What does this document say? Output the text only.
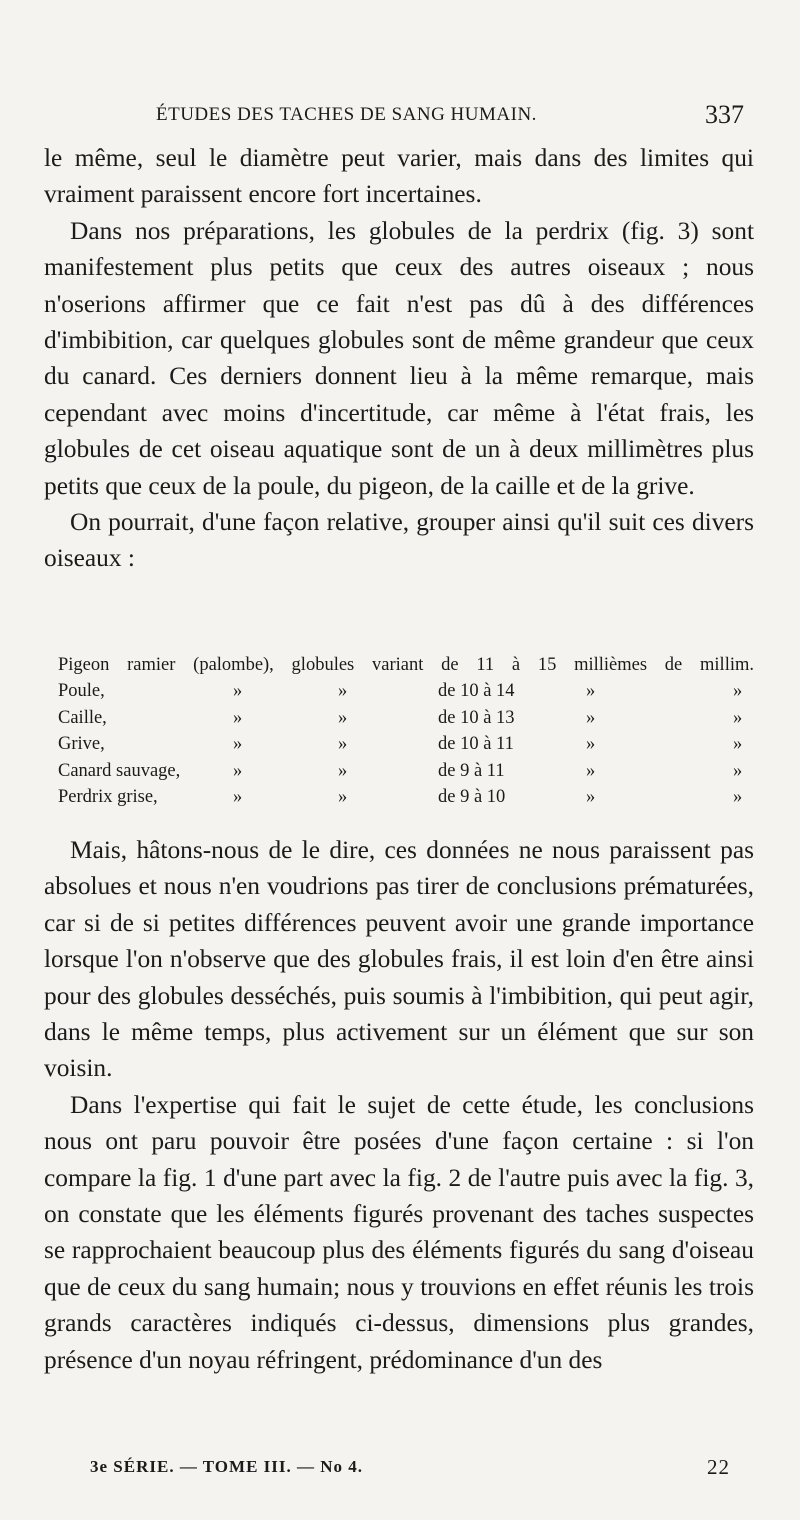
ÉTUDES DES TACHES DE SANG HUMAIN.	337

le même, seul le diamètre peut varier, mais dans des limites qui vraiment paraissent encore fort incertaines.

Dans nos préparations, les globules de la perdrix (fig. 3) sont manifestement plus petits que ceux des autres oiseaux ; nous n'oserions affirmer que ce fait n'est pas dû à des différences d'imbibition, car quelques globules sont de même grandeur que ceux du canard. Ces derniers donnent lieu à la même remarque, mais cependant avec moins d'incertitude, car même à l'état frais, les globules de cet oiseau aquatique sont de un à deux millimètres plus petits que ceux de la poule, du pigeon, de la caille et de la grive.

On pourrait, d'une façon relative, grouper ainsi qu'il suit ces divers oiseaux :

Pigeon ramier (palombe), globules variant de 11 à 15 millièmes de millim.
Poule,	»	»	de 10 à 14	»	»
Caille,	»	»	de 10 à 13	»	»
Grive,	»	»	de 10 à 11	»	»
Canard sauvage,	»	»	de 9 à 11	»	»
Perdrix grise,	»	»	de 9 à 10	»	»

Mais, hâtons-nous de le dire, ces données ne nous paraissent pas absolues et nous n'en voudrions pas tirer de conclusions prématurées, car si de si petites différences peuvent avoir une grande importance lorsque l'on n'observe que des globules frais, il est loin d'en être ainsi pour des globules desséchés, puis soumis à l'imbibition, qui peut agir, dans le même temps, plus activement sur un élément que sur son voisin.

Dans l'expertise qui fait le sujet de cette étude, les conclusions nous ont paru pouvoir être posées d'une façon certaine : si l'on compare la fig. 1 d'une part avec la fig. 2 de l'autre puis avec la fig. 3, on constate que les éléments figurés provenant des taches suspectes se rapprochaient beaucoup plus des éléments figurés du sang d'oiseau que de ceux du sang humain; nous y trouvions en effet réunis les trois grands caractères indiqués ci-dessus, dimensions plus grandes, présence d'un noyau réfringent, prédominance d'un des

3e SÉRIE. — TOME III. — No 4.	22
